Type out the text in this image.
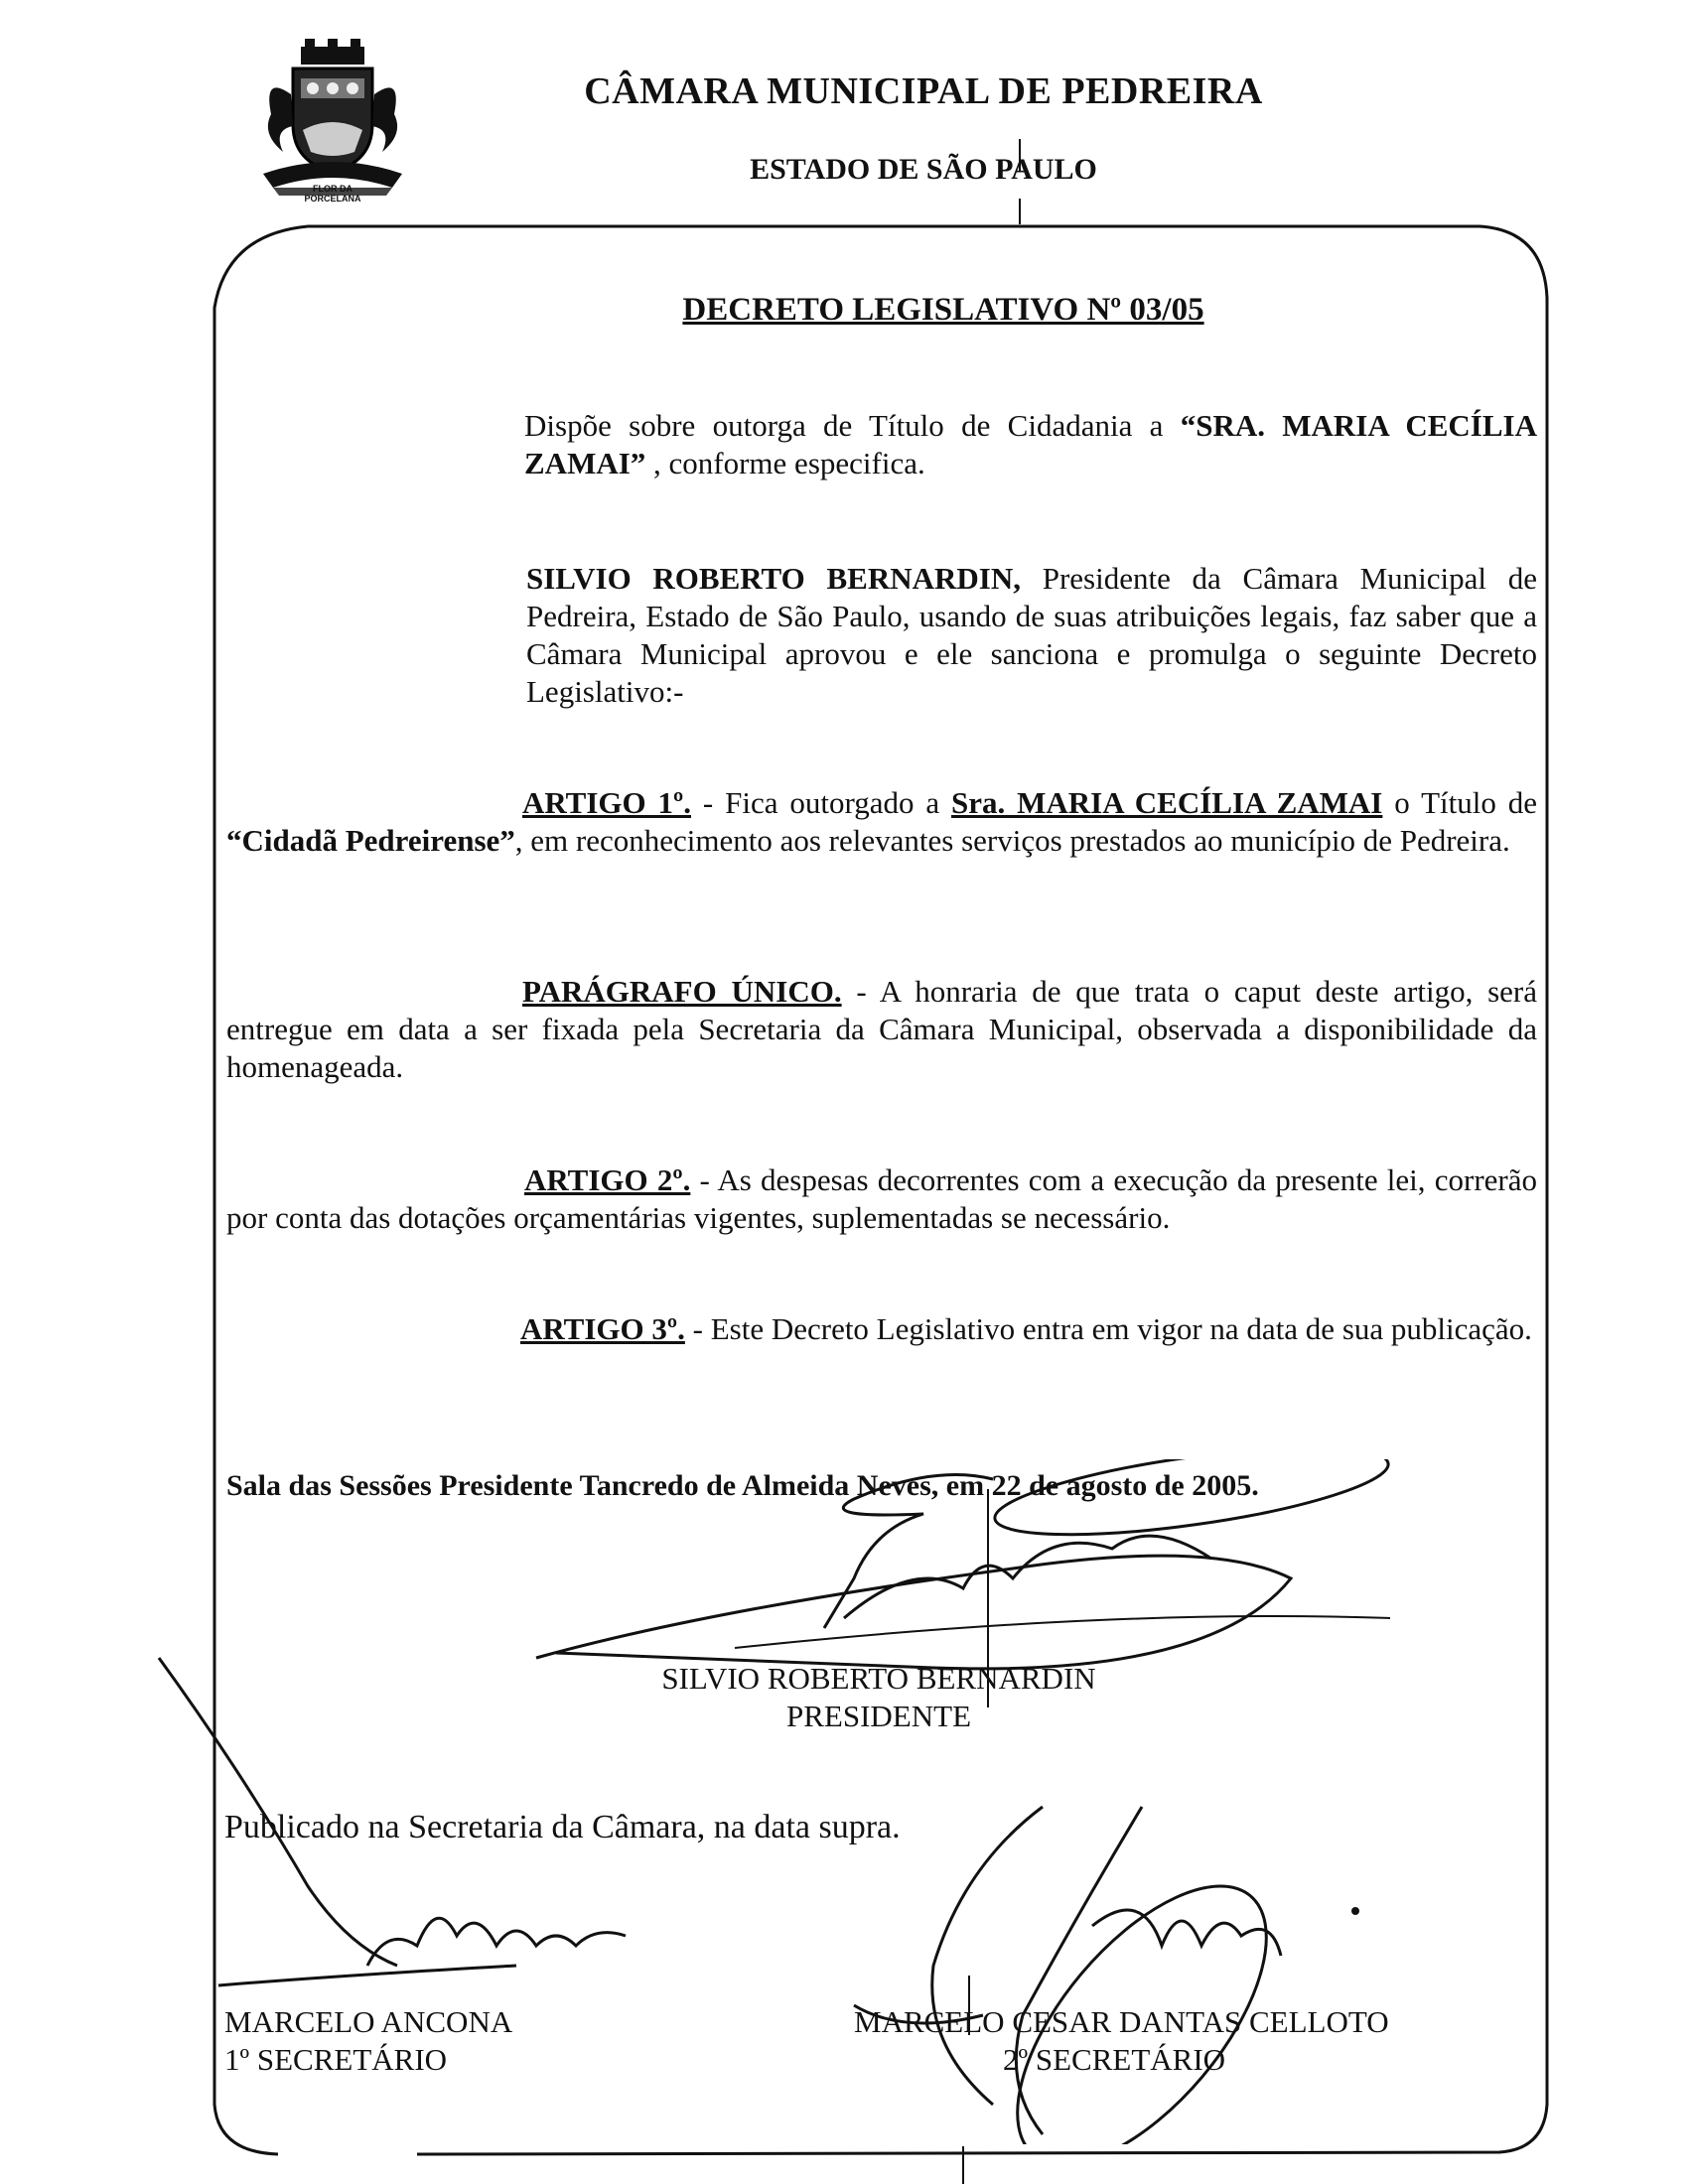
FLOR DA
PORCELANA
CÂMARA MUNICIPAL DE PEDREIRA
ESTADO DE SÃO PAULO
DECRETO LEGISLATIVO Nº 03/05
Dispõe sobre outorga de Título de Cidadania a “SRA. MARIA CECÍLIA ZAMAI” , conforme especifica.
SILVIO ROBERTO BERNARDIN, Presidente da Câmara Municipal de Pedreira, Estado de São Paulo, usando de suas atribuições legais, faz saber que a Câmara Municipal aprovou e ele sanciona e promulga o seguinte Decreto Legislativo:-
ARTIGO 1º. - Fica outorgado a Sra. MARIA CECÍLIA ZAMAI o Título de “Cidadã Pedreirense”, em reconhecimento aos relevantes serviços prestados ao município de Pedreira.
PARÁGRAFO ÚNICO. - A honraria de que trata o caput deste artigo, será entregue em data a ser fixada pela Secretaria da Câmara Municipal, observada a disponibilidade da homenageada.
ARTIGO 2º. - As despesas decorrentes com a execução da presente lei, correrão por conta das dotações orçamentárias vigentes, suplementadas se necessário.
ARTIGO 3º. - Este Decreto Legislativo entra em vigor na data de sua publicação.
Sala das Sessões Presidente Tancredo de Almeida Neves, em 22 de agosto de 2005.
SILVIO ROBERTO BERNARDIN
PRESIDENTE
Publicado na Secretaria da Câmara, na data supra.
MARCELO ANCONA
1º SECRETÁRIO
MARCELO CESAR DANTAS CELLOTO
2º SECRETÁRIO
